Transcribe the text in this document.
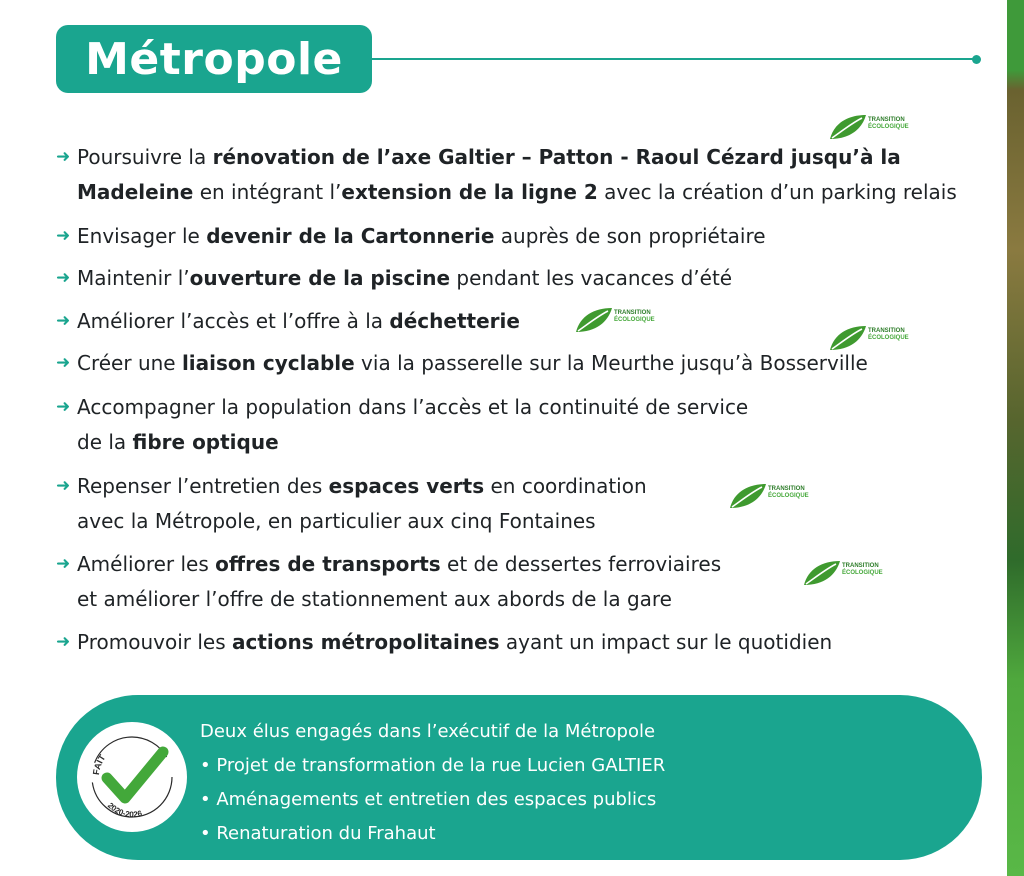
Métropole
➜ Poursuivre la rénovation de l’axe Galtier – Patton - Raoul Cézard jusqu’à la
Madeleine en intégrant l’extension de la ligne 2 avec la création d’un parking relais
➜ Envisager le devenir de la Cartonnerie auprès de son propriétaire
➜ Maintenir l’ouverture de la piscine pendant les vacances d’été
➜ Améliorer l’accès et l’offre à la déchetterie
➜ Créer une liaison cyclable via la passerelle sur la Meurthe jusqu’à Bosserville
➜ Accompagner la population dans l’accès et la continuité de service
de la fibre optique
➜ Repenser l’entretien des espaces verts en coordination
avec la Métropole, en particulier aux cinq Fontaines
➜ Améliorer les offres de transports et de dessertes ferroviaires
et améliorer l’offre de stationnement aux abords de la gare
➜ Promouvoir les actions métropolitaines ayant un impact sur le quotidien
TRANSITION
ÉCOLOGIQUE
TRANSITION
ÉCOLOGIQUE
TRANSITION
ÉCOLOGIQUE
TRANSITION
ÉCOLOGIQUE
TRANSITION
ÉCOLOGIQUE
FAIT
2020-2026
Deux élus engagés dans l’exécutif de la Métropole
• Projet de transformation de la rue Lucien GALTIER
• Aménagements et entretien des espaces publics
• Renaturation du Frahaut
